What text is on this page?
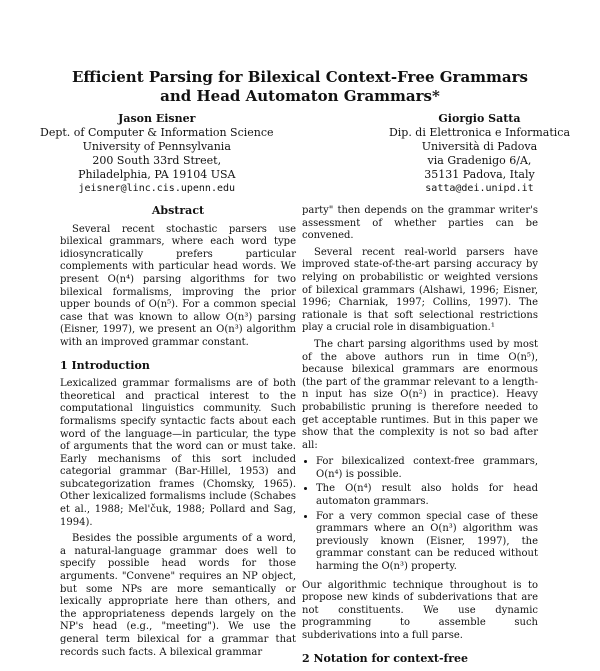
Efficient Parsing for Bilexical Context-Free Grammars
and Head Automaton Grammars*
Jason Eisner
Dept. of Computer & Information Science
University of Pennsylvania
200 South 33rd Street,
Philadelphia, PA 19104 USA
jeisner@linc.cis.upenn.edu
Giorgio Satta
Dip. di Elettronica e Informatica
Università di Padova
via Gradenigo 6/A,
35131 Padova, Italy
satta@dei.unipd.it
Abstract

Several recent stochastic parsers use bilexical grammars, where each word type idiosyncratically prefers particular complements with particular head words. We present O(n⁴) parsing algorithms for two bilexical formalisms, improving the prior upper bounds of O(n⁵). For a common special case that was known to allow O(n³) parsing (Eisner, 1997), we present an O(n³) algorithm with an improved grammar constant.

1 Introduction

Lexicalized grammar formalisms are of both theoretical and practical interest to the computational linguistics community. Such formalisms specify syntactic facts about each word of the language—in particular, the type of arguments that the word can or must take. Early mechanisms of this sort included categorial grammar (Bar-Hillel, 1953) and subcategorization frames (Chomsky, 1965). Other lexicalized formalisms include (Schabes et al., 1988; Mel'čuk, 1988; Pollard and Sag, 1994).

Besides the possible arguments of a word, a natural-language grammar does well to specify possible head words for those arguments. "Convene" requires an NP object, but some NPs are more semantically or lexically appropriate here than others, and the appropriateness depends largely on the NP's head (e.g., "meeting"). We use the general term bilexical for a grammar that records such facts. A bilexical grammar

party" then depends on the grammar writer's assessment of whether parties can be convened.

Several recent real-world parsers have improved state-of-the-art parsing accuracy by relying on probabilistic or weighted versions of bilexical grammars (Alshawi, 1996; Eisner, 1996; Charniak, 1997; Collins, 1997). The rationale is that soft selectional restrictions play a crucial role in disambiguation.¹

The chart parsing algorithms used by most of the above authors run in time O(n⁵), because bilexical grammars are enormous (the part of the grammar relevant to a length-n input has size O(n²) in practice). Heavy probabilistic pruning is therefore needed to get acceptable runtimes. But in this paper we show that the complexity is not so bad after all:

• For bilexicalized context-free grammars, O(n⁴) is possible.
• The O(n⁴) result also holds for head automaton grammars.
• For a very common special case of these grammars where an O(n³) algorithm was previously known (Eisner, 1997), the grammar constant can be reduced without harming the O(n³) property.

Our algorithmic technique throughout is to propose new kinds of subderivations that are not constituents. We use dynamic programming to assemble such subderivations into a full parse.

2 Notation for context-free
